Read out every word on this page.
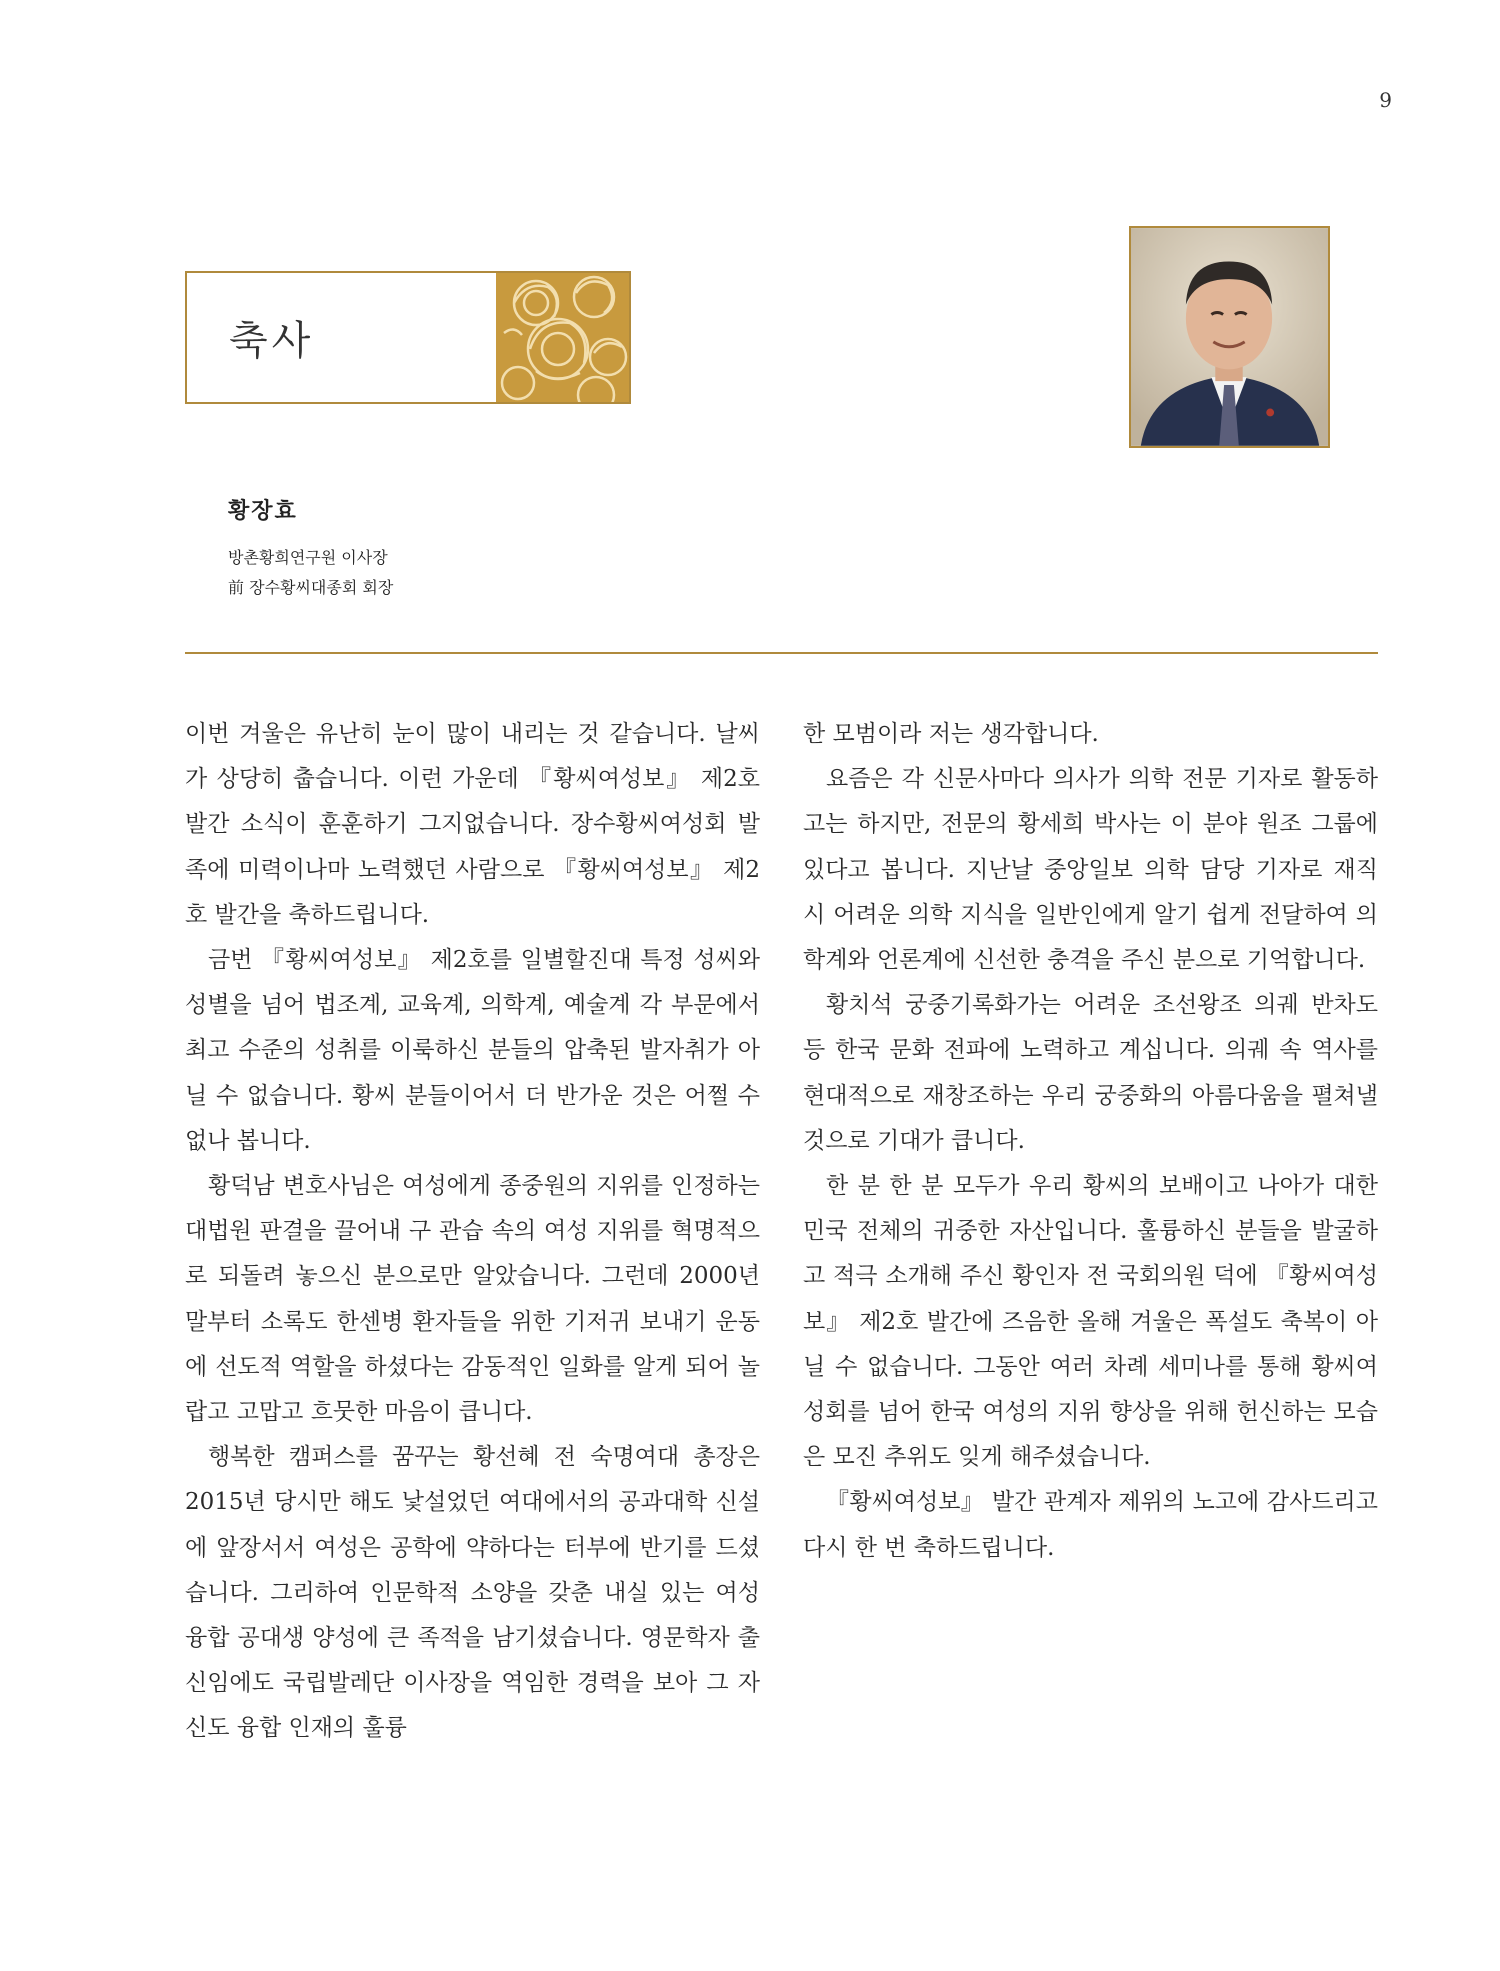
9
축사
황장효
방촌황희연구원 이사장
前 장수황씨대종회 회장

이번 겨울은 유난히 눈이 많이 내리는 것 같습니다. 날씨가 상당히 춥습니다. 이런 가운데 『황씨여성보』 제2호 발간 소식이 훈훈하기 그지없습니다. 장수황씨여성회 발족에 미력이나마 노력했던 사람으로 『황씨여성보』 제2호 발간을 축하드립니다.

금번 『황씨여성보』 제2호를 일별할진대 특정 성씨와 성별을 넘어 법조계, 교육계, 의학계, 예술계 각 부문에서 최고 수준의 성취를 이룩하신 분들의 압축된 발자취가 아닐 수 없습니다. 황씨 분들이어서 더 반가운 것은 어쩔 수 없나 봅니다.

황덕남 변호사님은 여성에게 종중원의 지위를 인정하는 대법원 판결을 끌어내 구 관습 속의 여성 지위를 혁명적으로 되돌려 놓으신 분으로만 알았습니다. 그런데 2000년 말부터 소록도 한센병 환자들을 위한 기저귀 보내기 운동에 선도적 역할을 하셨다는 감동적인 일화를 알게 되어 놀랍고 고맙고 흐뭇한 마음이 큽니다.

행복한 캠퍼스를 꿈꾸는 황선혜 전 숙명여대 총장은 2015년 당시만 해도 낯설었던 여대에서의 공과대학 신설에 앞장서서 여성은 공학에 약하다는 터부에 반기를 드셨습니다. 그리하여 인문학적 소양을 갖춘 내실 있는 여성 융합 공대생 양성에 큰 족적을 남기셨습니다. 영문학자 출신임에도 국립발레단 이사장을 역임한 경력을 보아 그 자신도 융합 인재의 훌륭

한 모범이라 저는 생각합니다.

요즘은 각 신문사마다 의사가 의학 전문 기자로 활동하고는 하지만, 전문의 황세희 박사는 이 분야 원조 그룹에 있다고 봅니다. 지난날 중앙일보 의학 담당 기자로 재직 시 어려운 의학 지식을 일반인에게 알기 쉽게 전달하여 의학계와 언론계에 신선한 충격을 주신 분으로 기억합니다.

황치석 궁중기록화가는 어려운 조선왕조 의궤 반차도 등 한국 문화 전파에 노력하고 계십니다. 의궤 속 역사를 현대적으로 재창조하는 우리 궁중화의 아름다움을 펼쳐낼 것으로 기대가 큽니다.

한 분 한 분 모두가 우리 황씨의 보배이고 나아가 대한민국 전체의 귀중한 자산입니다. 훌륭하신 분들을 발굴하고 적극 소개해 주신 황인자 전 국회의원 덕에 『황씨여성보』 제2호 발간에 즈음한 올해 겨울은 폭설도 축복이 아닐 수 없습니다. 그동안 여러 차례 세미나를 통해 황씨여성회를 넘어 한국 여성의 지위 향상을 위해 헌신하는 모습은 모진 추위도 잊게 해주셨습니다.

『황씨여성보』 발간 관계자 제위의 노고에 감사드리고 다시 한 번 축하드립니다.
